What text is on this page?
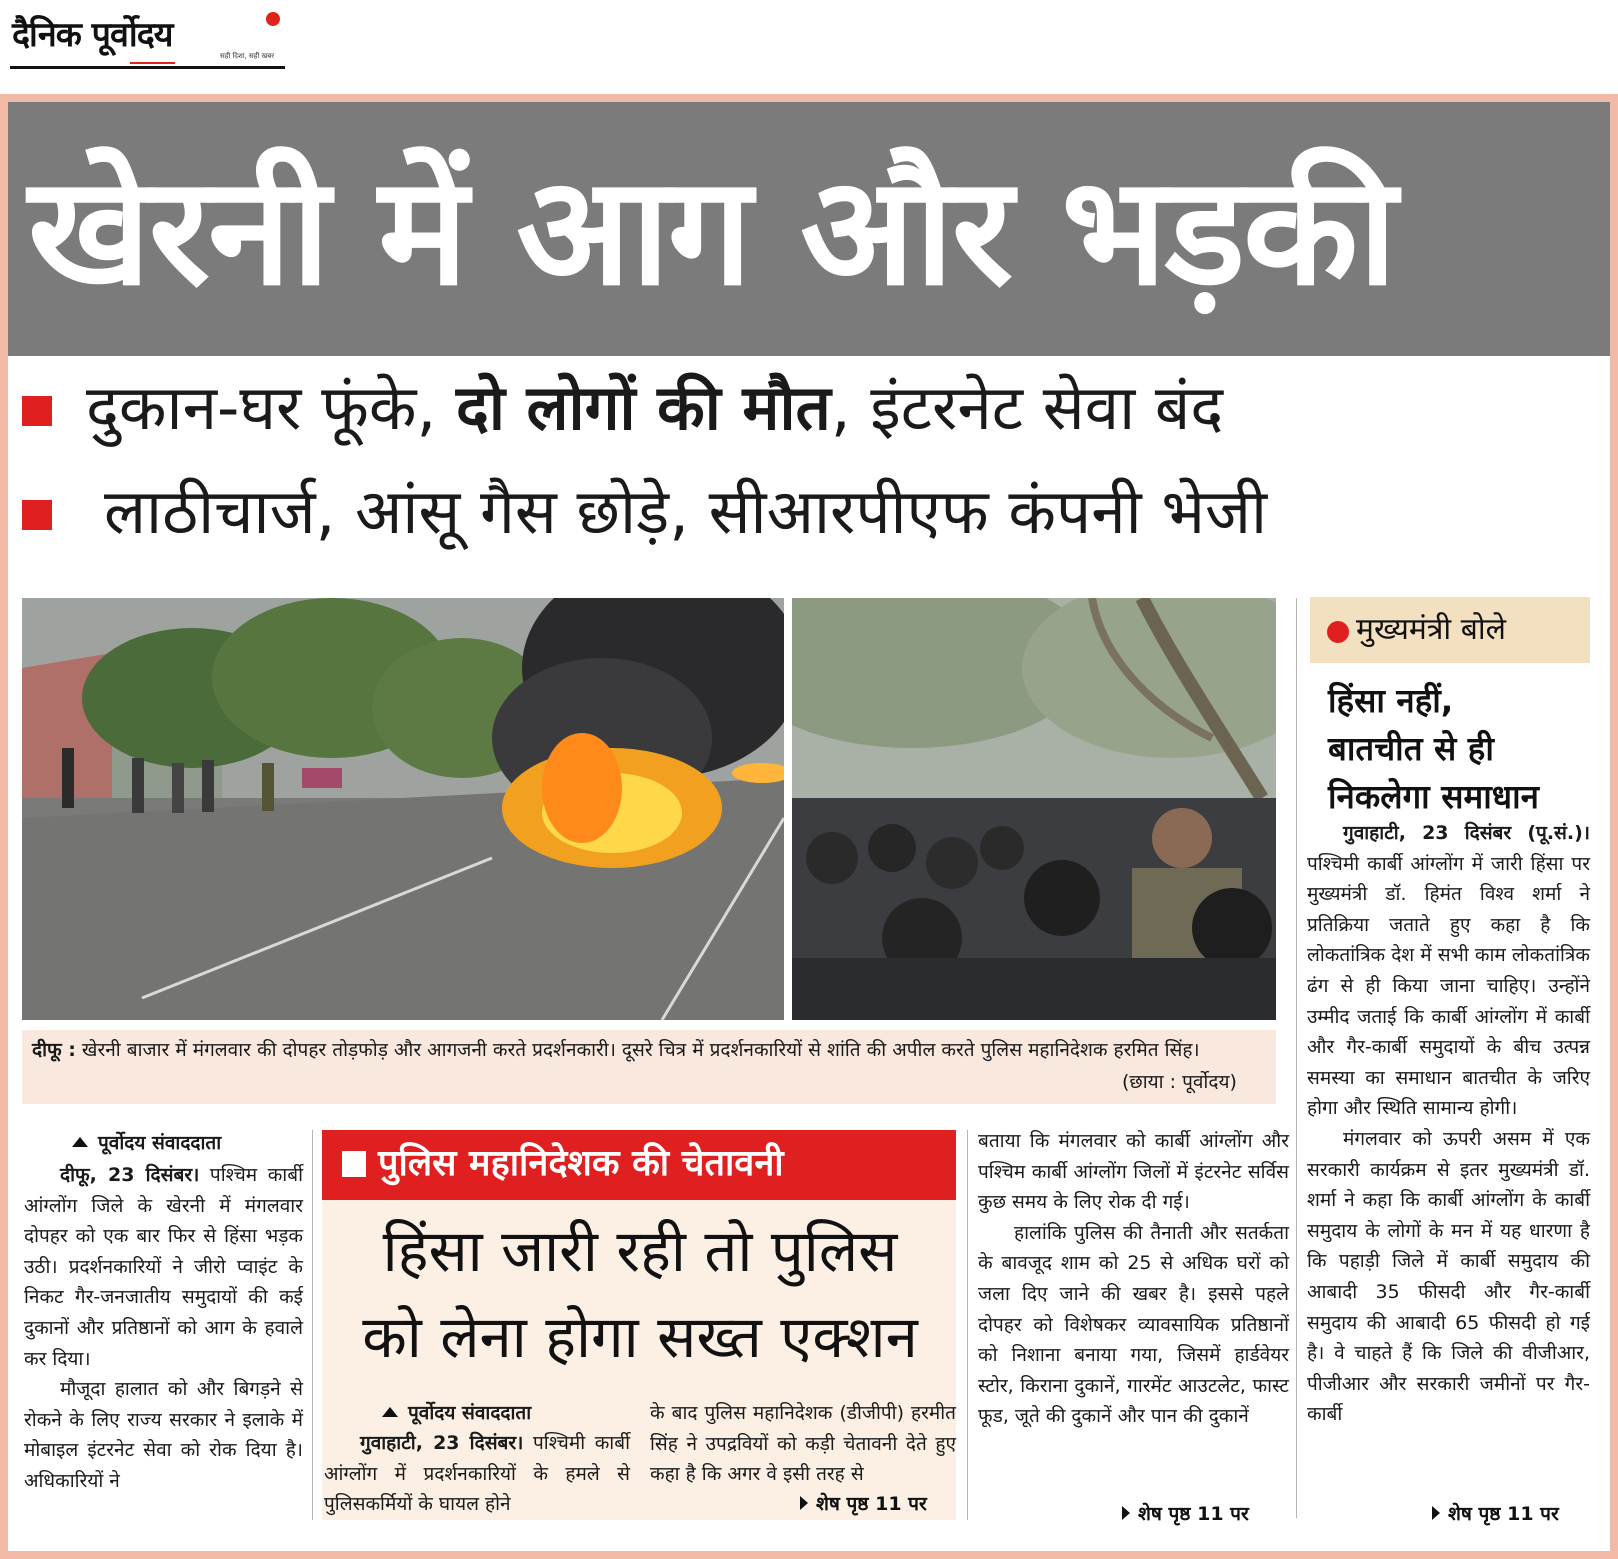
दैनिक पूर्वोदय
सही दिशा, सही खबर
खेरनी में आग और भड़की
दुकान-घर फूंके, दो लोगों की मौत, इंटरनेट सेवा बंद
लाठीचार्ज, आंसू गैस छोड़े, सीआरपीएफ कंपनी भेजी
दीफू : खेरनी बाजार में मंगलवार की दोपहर तोड़फोड़ और आगजनी करते प्रदर्शनकारी। दूसरे चित्र में प्रदर्शनकारियों से शांति की अपील करते पुलिस महानिदेशक हरमित सिंह।
(छाया : पूर्वोदय)
मुख्यमंत्री बोले
हिंसा नहीं,
बातचीत से ही
निकलेगा समाधान

गुवाहाटी, 23 दिसंबर (पू.सं.)। पश्चिमी कार्बी आंग्लोंग में जारी हिंसा पर मुख्यमंत्री डॉ. हिमंत विश्व शर्मा ने प्रतिक्रिया जताते हुए कहा है कि लोकतांत्रिक देश में सभी काम लोकतांत्रिक ढंग से ही किया जाना चाहिए। उन्होंने उम्मीद जताई कि कार्बी आंग्लोंग में कार्बी और गैर-कार्बी समुदायों के बीच उत्पन्न समस्या का समाधान बातचीत के जरिए होगा और स्थिति सामान्य होगी।

मंगलवार को ऊपरी असम में एक सरकारी कार्यक्रम से इतर मुख्यमंत्री डॉ. शर्मा ने कहा कि कार्बी आंग्लोंग के कार्बी समुदाय के लोगों के मन में यह धारणा है कि पहाड़ी जिले में कार्बी समुदाय की आबादी 35 फीसदी और गैर-कार्बी समुदाय की आबादी 65 फीसदी हो गई है। वे चाहते हैं कि जिले की वीजीआर, पीजीआर और सरकारी जमीनों पर गैर-कार्बी

शेष पृष्ठ 11 पर
पूर्वोदय संवाददाता

दीफू, 23 दिसंबर। पश्चिम कार्बी आंग्लोंग जिले के खेरनी में मंगलवार दोपहर को एक बार फिर से हिंसा भड़क उठी। प्रदर्शनकारियों ने जीरो प्वाइंट के निकट गैर-जनजातीय समुदायों की कई दुकानों और प्रतिष्ठानों को आग के हवाले कर दिया।

मौजूदा हालात को और बिगड़ने से रोकने के लिए राज्य सरकार ने इलाके में मोबाइल इंटरनेट सेवा को रोक दिया है। अधिकारियों ने

बताया कि मंगलवार को कार्बी आंग्लोंग और पश्चिम कार्बी आंग्लोंग जिलों में इंटरनेट सर्विस कुछ समय के लिए रोक दी गई।

हालांकि पुलिस की तैनाती और सतर्कता के बावजूद शाम को 25 से अधिक घरों को जला दिए जाने की खबर है। इससे पहले दोपहर को विशेषकर व्यावसायिक प्रतिष्ठानों को निशाना बनाया गया, जिसमें हार्डवेयर स्टोर, किराना दुकानें, गारमेंट आउटलेट, फास्ट फूड, जूते की दुकानें और पान की दुकानें

शेष पृष्ठ 11 पर
पुलिस महानिदेशक की चेतावनी
हिंसा जारी रही तो पुलिस
को लेना होगा सख्त एक्शन
पूर्वोदय संवाददाता

गुवाहाटी, 23 दिसंबर। पश्चिमी कार्बी आंग्लोंग में प्रदर्शनकारियों के हमले से पुलिसकर्मियों के घायल होने

के बाद पुलिस महानिदेशक (डीजीपी) हरमीत सिंह ने उपद्रवियों को कड़ी चेतावनी देते हुए कहा है कि अगर वे इसी तरह से

शेष पृष्ठ 11 पर
